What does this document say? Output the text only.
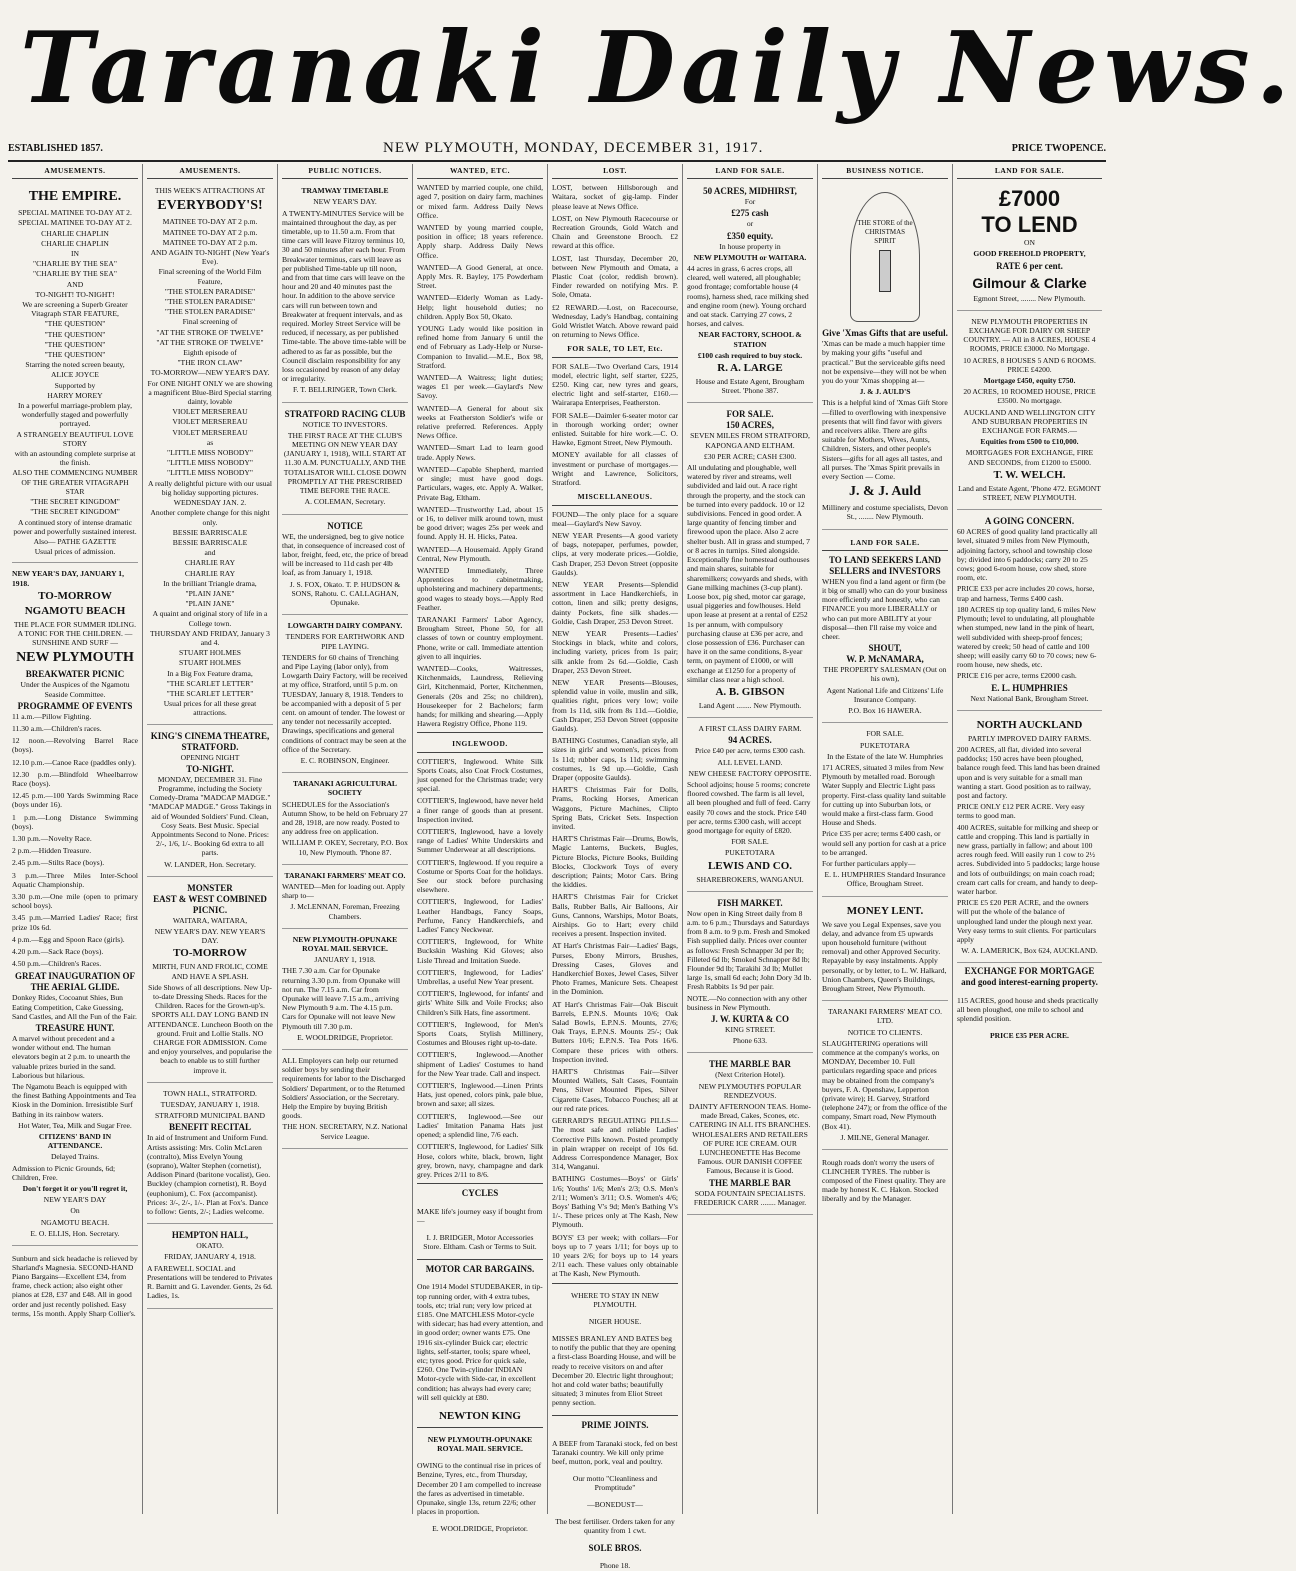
Taranaki Daily News.
ESTABLISHED 1857.	NEW PLYMOUTH, MONDAY, DECEMBER 31, 1917.	PRICE TWOPENCE.
AMUSEMENTS.
THE EMPIRE.
SPECIAL MATINEE TO-DAY AT 2.
SPECIAL MATINEE TO-DAY AT 2.
CHARLIE CHAPLIN
CHARLIE CHAPLIN
IN
"CHARLIE BY THE SEA"
"CHARLIE BY THE SEA"
AND
TO-NIGHT! TO-NIGHT!
We are screening a Superb Greater Vitagraph STAR FEATURE,
"THE QUESTION"
"THE QUESTION"
"THE QUESTION"
"THE QUESTION"
Starring the noted screen beauty,
ALICE JOYCE
Supported by
HARRY MOREY
In a powerful marriage-problem play, wonderfully staged and powerfully portrayed.
A STRANGELY BEAUTIFUL LOVE STORY
with an astounding complete surprise at the finish.
ALSO THE COMMENCING NUMBER OF THE GREATER VITAGRAPH STAR
"THE SECRET KINGDOM"
"THE SECRET KINGDOM"
A continued story of intense dramatic power and powerfully sustained interest.
Also— PATHE GAZETTE
Usual prices of admission.
NEW YEAR'S DAY, JANUARY 1, 1918.
TO-MORROW
NGAMOTU BEACH

THE PLACE FOR SUMMER IDLING. A TONIC FOR THE CHILDREN. — SUNSHINE AND SURF —

NEW PLYMOUTH
BREAKWATER PICNIC

Under the Auspices of the Ngamotu Seaside Committee.

PROGRAMME OF EVENTS
11 a.m.—Pillow Fighting.
11.30 a.m.—Children's races.
12 noon.—Revolving Barrel Race (boys).
12.10 p.m.—Canoe Race (paddles only).
12.30 p.m.—Blindfold Wheelbarrow Race (boys).
12.45 p.m.—100 Yards Swimming Race (boys under 16).
1 p.m.—Long Distance Swimming (boys).
1.30 p.m.—Novelty Race.
2 p.m.—Hidden Treasure.
2.45 p.m.—Stilts Race (boys).
3 p.m.—Three Miles Inter-School Aquatic Championship.
3.30 p.m.—One mile (open to primary school boys).
3.45 p.m.—Married Ladies' Race; first prize 10s 6d.
4 p.m.—Egg and Spoon Race (girls).
4.20 p.m.—Sack Race (boys).
4.50 p.m.—Children's Races.
GREAT INAUGURATION OF THE AERIAL GLIDE.

Donkey Rides, Cocoanut Shies, Bun Eating Competition, Cake Guessing, Sand Castles, and All the Fun of the Fair.

TREASURE HUNT.

A marvel without precedent and a wonder without end. The human elevators begin at 2 p.m. to unearth the valuable prizes buried in the sand. Laborious but hilarious.

The Ngamotu Beach is equipped with the finest Bathing Appointments and Tea Kiosk in the Dominion. Irresistible Surf Bathing in its rainbow waters.

Hot Water, Tea, Milk and Sugar Free.

CITIZENS' BAND IN ATTENDANCE.

Delayed Trains.

Admission to Picnic Grounds, 6d; Children, Free.

Don't forget it or you'll regret it,

NEW YEAR'S DAY

On

NGAMOTU BEACH.

E. O. ELLIS, Hon. Secretary.

Sunburn and sick headache is relieved by Sharland's Magnesia. SECOND-HAND Piano Bargains—Excellent £34, from frame, check action; also eight other pianos at £28, £37 and £48. All in good order and just recently polished. Easy terms, 15s month. Apply Sharp Collier's.

AMUSEMENTS.

THIS WEEK'S ATTRACTIONS AT

EVERYBODY'S!
MATINEE TO-DAY AT 2 p.m.
MATINEE TO-DAY AT 2 p.m.
MATINEE TO-DAY AT 2 p.m.
AND AGAIN TO-NIGHT (New Year's Eve).
Final screening of the World Film Feature,
"THE STOLEN PARADISE"
"THE STOLEN PARADISE"
"THE STOLEN PARADISE"
Final screening of
"AT THE STROKE OF TWELVE"
"AT THE STROKE OF TWELVE"
Eighth episode of
"THE IRON CLAW"
TO-MORROW—NEW YEAR'S DAY.
For ONE NIGHT ONLY we are showing a magnificent Blue-Bird Special starring dainty, lovable
VIOLET MERSEREAU
VIOLET MERSEREAU
VIOLET MERSEREAU
as
"LITTLE MISS NOBODY"
"LITTLE MISS NOBODY"
"LITTLE MISS NOBODY"
A really delightful picture with our usual big holiday supporting pictures.
WEDNESDAY JAN. 2.
Another complete change for this night only.
BESSIE BARRISCALE
BESSIE BARRISCALE
and
CHARLIE RAY
CHARLIE RAY
In the brilliant Triangle drama,
"PLAIN JANE"
"PLAIN JANE"
A quaint and original story of life in a College town.
THURSDAY AND FRIDAY, January 3 and 4.
STUART HOLMES
STUART HOLMES
In a Big Fox Feature drama,
"THE SCARLET LETTER"
"THE SCARLET LETTER"
Usual prices for all these great attractions.
KING'S CINEMA THEATRE, STRATFORD.

OPENING NIGHT

TO-NIGHT.

MONDAY, DECEMBER 31. Fine Programme, including the Society Comedy-Drama "MADCAP MADGE." "MADCAP MADGE." Gross Takings in aid of Wounded Soldiers' Fund. Clean, Cosy Seats. Best Music. Special Appointments Second to None. Prices: 2/-, 1/6, 1/-. Booking 6d extra to all parts.

W. LANDER, Hon. Secretary.

MONSTER
EAST & WEST COMBINED
PICNIC.

WAITARA, WAITARA,

NEW YEAR'S DAY. NEW YEAR'S DAY.

TO-MORROW

MIRTH, FUN AND FROLIC, COME AND HAVE A SPLASH.

Side Shows of all descriptions. New Up-to-date Dressing Sheds. Races for the Children. Races for the Grown-up's. SPORTS ALL DAY LONG BAND IN ATTENDANCE. Luncheon Booth on the ground. Fruit and Lollie Stalls. NO CHARGE FOR ADMISSION. Come and enjoy yourselves, and popularise the beach to enable us to still further improve it.

TOWN HALL, STRATFORD.

TUESDAY, JANUARY 1, 1918.

STRATFORD MUNICIPAL BAND

BENEFIT RECITAL

In aid of Instrument and Uniform Fund. Artists assisting: Mrs. Colin McLaren (contralto), Miss Evelyn Young (soprano), Walter Stephen (cornetist), Addison Pinard (baritone vocalist), Geo. Buckley (champion cornetist), R. Boyd (euphonium), C. Fox (accompanist). Prices: 3/-, 2/-, 1/-. Plan at Fox's. Dance to follow: Gents, 2/-; Ladies welcome.

HEMPTON HALL,

OKATO.

FRIDAY, JANUARY 4, 1918.

A FAREWELL SOCIAL and Presentations will be tendered to Privates R. Barnitt and G. Lavender. Gents, 2s 6d. Ladies, 1s.

PUBLIC NOTICES.

TRAMWAY TIMETABLE

NEW YEAR'S DAY.

A TWENTY-MINUTES Service will be maintained throughout the day, as per timetable, up to 11.50 a.m. From that time cars will leave Fitzroy terminus 10, 30 and 50 minutes after each hour. From Breakwater terminus, cars will leave as per published Time-table up till noon, and from that time cars will leave on the hour and 20 and 40 minutes past the hour. In addition to the above service cars will run between town and Breakwater at frequent intervals, and as required. Morley Street Service will be reduced, if necessary, as per published Time-table. The above time-table will be adhered to as far as possible, but the Council disclaim responsibility for any loss occasioned by reason of any delay or irregularity.

F. T. BELLRINGER, Town Clerk.

STRATFORD RACING CLUB

NOTICE TO INVESTORS.

THE FIRST RACE AT THE CLUB'S MEETING ON NEW YEAR DAY (JANUARY 1, 1918), WILL START AT 11.30 A.M. PUNCTUALLY, AND THE TOTALISATOR WILL CLOSE DOWN PROMPTLY AT THE PRESCRIBED TIME BEFORE THE RACE.

A. COLEMAN, Secretary.

NOTICE

WE, the undersigned, beg to give notice that, in consequence of increased cost of labor, freight, feed, etc, the price of bread will be increased to 11d cash per 4lb loaf, as from January 1, 1918.

J. S. FOX, Okato. T. P. HUDSON & SONS, Rahotu. C. CALLAGHAN, Opunake.

LOWGARTH DAIRY COMPANY.

TENDERS FOR EARTHWORK AND PIPE LAYING.

TENDERS for 60 chains of Trenching and Pipe Laying (labor only), from Lowgarth Dairy Factory, will be received at my office, Stratford, until 5 p.m. on TUESDAY, January 8, 1918. Tenders to be accompanied with a deposit of 5 per cent. on amount of tender. The lowest or any tender not necessarily accepted. Drawings, specifications and general conditions of contract may be seen at the office of the Secretary.

E. C. ROBINSON, Engineer.

TARANAKI AGRICULTURAL SOCIETY

SCHEDULES for the Association's Autumn Show, to be held on February 27 and 28, 1918, are now ready. Posted to any address free on application.

WILLIAM P. OKEY, Secretary, P.O. Box 10, New Plymouth. 'Phone 87.

TARANAKI FARMERS' MEAT CO.

WANTED—Men for loading out. Apply sharp to—

J. McLENNAN, Foreman, Freezing Chambers.

NEW PLYMOUTH-OPUNAKE ROYAL MAIL SERVICE.

JANUARY 1, 1918.

THE 7.30 a.m. Car for Opunake returning 3.30 p.m. from Opunake will not run. The 7.15 a.m. Car from Opunake will leave 7.15 a.m., arriving New Plymouth 9 a.m. The 4.15 p.m. Cars for Opunake will not leave New Plymouth till 7.30 p.m.

E. WOOLDRIDGE, Proprietor.

ALL Employers can help our returned soldier boys by sending their requirements for labor to the Discharged Soldiers' Department, or to the Returned Soldiers' Association, or the Secretary. Help the Empire by buying British goods.

THE HON. SECRETARY, N.Z. National Service League.

WANTED, ETC.
WANTED by married couple, one child, aged 7, position on dairy farm, machines or mixed farm. Address Daily News Office.
WANTED by young married couple, position in office; 18 years reference. Apply sharp. Address Daily News Office.
WANTED—A Good General, at once. Apply Mrs. R. Bayley, 175 Powderham Street.
WANTED—Elderly Woman as Lady-Help; light household duties; no children. Apply Box 50, Okato.
YOUNG Lady would like position in refined home from January 6 until the end of February as Lady-Help or Nurse-Companion to Invalid.—M.E., Box 98, Stratford.
WANTED—A Waitress; light duties; wages £1 per week.—Gaylard's New Savoy.
WANTED—A General for about six weeks at Featherston Soldier's wife or relative preferred. References. Apply News Office.
WANTED—Smart Lad to learn good trade. Apply News.
WANTED—Capable Shepherd, married or single; must have good dogs. Particulars, wages, etc. Apply A. Walker, Private Bag, Eltham.
WANTED—Trustworthy Lad, about 15 or 16, to deliver milk around town, must be good driver; wages 25s per week and found. Apply H. H. Hicks, Patea.
WANTED—A Housemaid. Apply Grand Central, New Plymouth.
WANTED Immediately, Three Apprentices to cabinetmaking, upholstering and machinery departments; good wages to steady boys.—Apply Red Feather.
TARANAKI Farmers' Labor Agency, Brougham Street, Phone 50, for all classes of town or country employment. Phone, write or call. Immediate attention given to all inquiries.
WANTED—Cooks, Waitresses, Kitchenmaids, Laundress, Relieving Girl, Kitchenmaid, Porter, Kitchenmen, Generals (20s and 25s; no children), Housekeeper for 2 Bachelors; farm hands; for milking and shearing.—Apply Hawera Registry Office, Phone 119.
INGLEWOOD.
COTTIER'S, Inglewood. White Silk Sports Coats, also Coat Frock Costumes, just opened for the Christmas trade; very special.
COTTIER'S, Inglewood, have never held a finer range of goods than at present. Inspection invited.
COTTIER'S, Inglewood, have a lovely range of Ladies' White Underskirts and Summer Underwear at all descriptions.
COTTIER'S, Inglewood. If you require a Costume or Sports Coat for the holidays. See our stock before purchasing elsewhere.
COTTIER'S, Inglewood, for Ladies' Leather Handbags, Fancy Soaps, Perfume, Fancy Handkerchiefs, and Ladies' Fancy Neckwear.
COTTIER'S, Inglewood, for White Buckskin Washing Kid Gloves; also Lisle Thread and Imitation Suede.
COTTIER'S, Inglewood, for Ladies' Umbrellas, a useful New Year present.
COTTIER'S, Inglewood, for infants' and girls' White Silk and Voile Frocks; also Children's Silk Hats, fine assortment.
COTTIER'S, Inglewood, for Men's Sports Coats, Stylish Millinery, Costumes and Blouses right up-to-date.
COTTIER'S, Inglewood.—Another shipment of Ladies' Costumes to hand for the New Year trade. Call and inspect.
COTTIER'S, Inglewood.—Linen Prints Hats, just opened, colors pink, pale blue, brown and saxe; all sizes.
COTTIER'S, Inglewood.—See our Ladies' Imitation Panama Hats just opened; a splendid line, 7/6 each.
COTTIER'S, Inglewood, for Ladies' Silk Hose, colors white, black, brown, light grey, brown, navy, champagne and dark grey. Prices 2/11 to 8/6.
CYCLES

MAKE life's journey easy if bought from—

I. J. BRIDGER, Motor Accessories Store. Eltham. Cash or Terms to Suit.

MOTOR CAR BARGAINS.

One 1914 Model STUDEBAKER, in tip-top running order, with 4 extra tubes, tools, etc; trial run; very low priced at £185. One MATCHLESS Motor-cycle with sidecar; has had every attention, and in good order; owner wants £75. One 1916 six-cylinder Buick car; electric lights, self-starter, tools; spare wheel, etc; tyres good. Price for quick sale, £260. One Twin-cylinder INDIAN Motor-cycle with Side-car, in excellent condition; has always had every care; will sell quickly at £80.

NEWTON KING

NEW PLYMOUTH-OPUNAKE ROYAL MAIL SERVICE.

OWING to the continual rise in prices of Benzine, Tyres, etc., from Thursday, December 20 I am compelled to increase the fares as advertised in timetable. Opunake, single 13s, return 22/6; other places in proportion.

E. WOOLDRIDGE, Proprietor.

LOST.
LOST, between Hillsborough and Waitara, socket of gig-lamp. Finder please leave at News Office.
LOST, on New Plymouth Racecourse or Recreation Grounds, Gold Watch and Chain and Greenstone Brooch. £2 reward at this office.
LOST, last Thursday, December 20, between New Plymouth and Omata, a Plastic Coat (color, reddish brown). Finder rewarded on notifying Mrs. P. Sole, Omata.
£2 REWARD.—Lost, on Racecourse, Wednesday, Lady's Handbag, containing Gold Wristlet Watch. Above reward paid on returning to News Office.
FOR SALE, TO LET, Etc.
FOR SALE—Two Overland Cars, 1914 model, electric light, self starter, £225, £250. King car, new tyres and gears, electric light and self-starter, £160.—Wairarapa Enterprises, Featherston.
FOR SALE—Daimler 6-seater motor car in thorough working order; owner enlisted. Suitable for hire work.—C. O. Hawke, Egmont Street, New Plymouth.
MONEY available for all classes of investment or purchase of mortgages.—Wright and Lawrence, Solicitors, Stratford.
MISCELLANEOUS.
FOUND—The only place for a square meal—Gaylard's New Savoy.
NEW YEAR Presents—A good variety of bags, notepaper, perfumes, powder, clips, at very moderate prices.—Goldie, Cash Draper, 253 Devon Street (opposite Gaulds).
NEW YEAR Presents—Splendid assortment in Lace Handkerchiefs, in cotton, linen and silk; pretty designs, dainty Pockets, fine silk shades.—Goldie, Cash Draper, 253 Devon Street.
NEW YEAR Presents—Ladies' Stockings in black, white and colors, including variety, prices from 1s pair; silk ankle from 2s 6d.—Goldie, Cash Draper, 253 Devon Street.
NEW YEAR Presents—Blouses, splendid value in voile, muslin and silk, qualities right, prices very low; voile from 1s 11d, silk from 8s 11d.—Goldie, Cash Draper, 253 Devon Street (opposite Gaulds).
BATHING Costumes, Canadian style, all sizes in girls' and women's, prices from 1s 11d; rubber caps, 1s 11d; swimming costumes, 1s 9d up.—Goldie, Cash Draper (opposite Gaulds).
HART'S Christmas Fair for Dolls, Prams, Rocking Horses, American Waggons, Picture Machines, Clipto Spring Bats, Cricket Sets. Inspection invited.
HART'S Christmas Fair—Drums, Bowls, Magic Lanterns, Buckets, Bugles, Picture Blocks, Picture Books, Building Blocks, Clockwork Toys of every description; Paints; Motor Cars. Bring the kiddies.
HART'S Christmas Fair for Cricket Balls, Rubber Balls, Air Balloons, Air Guns, Cannons, Warships, Motor Boats, Airships. Go to Hart; every child receives a present. Inspection invited.
AT Hart's Christmas Fair—Ladies' Bags, Purses, Ebony Mirrors, Brushes, Dressing Cases, Gloves and Handkerchief Boxes, Jewel Cases, Silver Photo Frames, Manicure Sets. Cheapest in the Dominion.
AT Hart's Christmas Fair—Oak Biscuit Barrels, E.P.N.S. Mounts 10/6; Oak Salad Bowls, E.P.N.S. Mounts, 27/6; Oak Trays, E.P.N.S. Mounts 25/-; Oak Butters 10/6; E.P.N.S. Tea Pots 16/6. Compare these prices with others. Inspection invited.
HART'S Christmas Fair—Silver Mounted Wallets, Salt Cases, Fountain Pens, Silver Mounted Pipes, Silver Cigarette Cases, Tobacco Pouches; all at our red rate prices.
GERRARD'S REGULATING PILLS—The most safe and reliable Ladies' Corrective Pills known. Posted promptly in plain wrapper on receipt of 10s 6d. Address Correspondence Manager, Box 314, Wanganui.
BATHING Costumes—Boys' or Girls' 1/6; Youths' 1/6; Men's 2/3; O.S. Men's 2/11; Women's 3/11; O.S. Women's 4/6; Boys' Bathing V's 9d; Men's Bathing V's 1/-. These prices only at The Kash, New Plymouth.
BOYS' £3 per week; with collars—For boys up to 7 years 1/11; for boys up to 10 years 2/6; for boys up to 14 years 2/11 each. These values only obtainable at The Kash, New Plymouth.

WHERE TO STAY IN NEW PLYMOUTH.

NIGER HOUSE.

MISSES BRANLEY AND BATES beg to notify the public that they are opening a first-class Boarding House, and will be ready to receive visitors on and after December 20. Electric light throughout; hot and cold water baths; beautifully situated; 3 minutes from Eliot Street penny section.

PRIME JOINTS.

A BEEF from Taranaki stock, fed on best Taranaki country. We kill only prime beef, mutton, pork, veal and poultry.

Our motto "Cleanliness and Promptitude"

—BONEDUST—

The best fertiliser. Orders taken for any quantity from 1 cwt.

SOLE BROS.

Phone 18.

LAND FOR SALE.
50 ACRES, MIDHIRST,

For

£275 cash

or

£350 equity.

In house property in

NEW PLYMOUTH or WAITARA.

44 acres in grass, 6 acres crops, all cleared, well watered, all ploughable; good frontage; comfortable house (4 rooms), harness shed, race milking shed and engine room (new). Young orchard and oat stack. Carrying 27 cows, 2 horses, and calves.

NEAR FACTORY, SCHOOL & STATION

£100 cash required to buy stock.

R. A. LARGE

House and Estate Agent, Brougham Street. 'Phone 387.

FOR SALE.
150 ACRES,

SEVEN MILES FROM STRATFORD, KAPONGA AND ELTHAM.

£30 PER ACRE; CASH £300.

All undulating and ploughable, well watered by river and streams, well subdivided and laid out. A race right through the property, and the stock can be turned into every paddock. 10 or 12 subdivisions. Fenced in good order. A large quantity of fencing timber and firewood upon the place. Also 2 acre shelter bush. All in grass and stumped, 7 or 8 acres in turnips. Sited alongside. Exceptionally fine homestead outhouses and main shares, suitable for sharemilkers; cowyards and sheds, with Gane milking machines (3-cup plant). Loose box, pig shed, motor car garage, usual piggeries and fowlhouses. Held upon lease at present at a rental of £252 1s per annum, with compulsory purchasing clause at £36 per acre, and close possession of £36. Purchaser can have it on the same conditions, 8-year term, on payment of £1000, or will exchange at £1250 for a property of similar class near a high school.

A. B. GIBSON

Land Agent ........ New Plymouth.

A FIRST CLASS DAIRY FARM.

94 ACRES.

Price £40 per acre, terms £300 cash.

ALL LEVEL LAND.

NEW CHEESE FACTORY OPPOSITE.

School adjoins; house 5 rooms; concrete floored cowshed. The farm is all level, all been ploughed and full of feed. Carry easily 70 cows and the stock. Price £40 per acre, terms £300 cash, will accept good mortgage for equity of £820.

FOR SALE.

PUKETOTARA

LEWIS AND CO.

SHAREBROKERS, WANGANUI.

FISH MARKET.

Now open in King Street daily from 8 a.m. to 6 p.m.; Thursdays and Saturdays from 8 a.m. to 9 p.m. Fresh and Smoked Fish supplied daily. Prices over counter as follows: Fresh Schnapper 3d per lb; Filleted 6d lb; Smoked Schnapper 8d lb; Flounder 9d lb; Tarakihi 3d lb; Mullet large 1s, small 6d each; John Dory 3d lb. Fresh Rabbits 1s 9d per pair.

NOTE.—No connection with any other business in New Plymouth.

J. W. KURTA & CO

KING STREET.

Phone 633.

THE MARBLE BAR

(Next Criterion Hotel).

NEW PLYMOUTH'S POPULAR RENDEZVOUS.

DAINTY AFTERNOON TEAS. Home-made Bread, Cakes, Scones, etc. CATERING IN ALL ITS BRANCHES. WHOLESALERS AND RETAILERS OF PURE ICE CREAM. OUR LUNCHEONETTE Has Become Famous. OUR DANISH COFFEE Famous, Because it is Good.

THE MARBLE BAR

SODA FOUNTAIN SPECIALISTS. FREDERICK CARR ........ Manager.

BUSINESS NOTICE.
THE STORE of the CHRISTMAS SPIRIT
Give 'Xmas Gifts that are useful.

'Xmas can be made a much happier time by making your gifts "useful and practical." But the serviceable gifts need not be expensive—they will not be when you do your 'Xmas shopping at—

J. & J. AULD'S

This is a helpful kind of 'Xmas Gift Store—filled to overflowing with inexpensive presents that will find favor with givers and receivers alike. There are gifts suitable for Mothers, Wives, Aunts, Children, Sisters, and other people's Sisters—gifts for all ages all tastes, and all purses. The 'Xmas Spirit prevails in every Section — Come.

J. & J. Auld

Millinery and costume specialists, Devon St., ........ New Plymouth.

LAND FOR SALE.
TO LAND SEEKERS LAND SELLERS and INVESTORS

WHEN you find a land agent or firm (be it big or small) who can do your business more efficiently and honestly, who can FINANCE you more LIBERALLY or who can put more ABILITY at your disposal—then I'll raise my voice and cheer.

SHOUT,
W. P. McNAMARA,

THE PROPERTY SALESMAN (Out on his own),

Agent National Life and Citizens' Life Insurance Company.

P.O. Box 16 HAWERA.

FOR SALE.

PUKETOTARA

In the Estate of the late W. Humphries

171 ACRES, situated 3 miles from New Plymouth by metalled road. Borough Water Supply and Electric Light pass property. First-class quality land suitable for cutting up into Suburban lots, or would make a first-class farm. Good House and Sheds.

Price £35 per acre; terms £400 cash, or would sell any portion for cash at a price to be arranged.

For further particulars apply—

E. L. HUMPHRIES Standard Insurance Office, Brougham Street.

MONEY LENT.

We save you Legal Expenses, save you delay, and advance from £5 upwards upon household furniture (without removal) and other Approved Security. Repayable by easy instalments. Apply personally, or by letter, to L. W. Halkard, Union Chambers, Queen's Buildings, Brougham Street, New Plymouth.

TARANAKI FARMERS' MEAT CO. LTD.

NOTICE TO CLIENTS.

SLAUGHTERING operations will commence at the company's works, on MONDAY, December 10. Full particulars regarding space and prices may be obtained from the company's buyers, F. A. Openshaw, Lepperton (private wire); H. Garvey, Stratford (telephone 247); or from the office of the company, Smart road, New Plymouth (Box 41).

J. MILNE, General Manager.

Rough roads don't worry the users of CLINCHER TYRES. The rubber is composed of the Finest quality. They are made by honest K. C. Hakon. Stocked liberally and by the Manager.

LAND FOR SALE.
£7000
TO LEND

ON

GOOD FREEHOLD PROPERTY,

RATE 6 per cent.
Gilmour & Clarke

Egmont Street, ........ New Plymouth.

NEW PLYMOUTH PROPERTIES IN EXCHANGE FOR DAIRY OR SHEEP COUNTRY. — All in 8 ACRES, HOUSE 4 ROOMS, PRICE £3000. No Mortgage.

10 ACRES, 8 HOUSES 5 AND 6 ROOMS. PRICE £4200.

Mortgage £450, equity £750.

20 ACRES, 10 ROOMED HOUSE, PRICE £3500. No mortgage.

AUCKLAND AND WELLINGTON CITY AND SUBURBAN PROPERTIES IN EXCHANGE FOR FARMS.—

Equities from £500 to £10,000.

MORTGAGES FOR EXCHANGE, FIRE AND SECONDS, from £1200 to £5000.

T. W. WELCH.

Land and Estate Agent, 'Phone 472. EGMONT STREET, NEW PLYMOUTH.

A GOING CONCERN.

60 ACRES of good quality land practically all level, situated 9 miles from New Plymouth, adjoining factory, school and township close by; divided into 6 paddocks; carry 20 to 25 cows; good 6-room house, cow shed, store room, etc.

PRICE £33 per acre includes 20 cows, horse, trap and harness, Terms £400 cash.

180 ACRES tip top quality land, 6 miles New Plymouth; level to undulating, all ploughable when stumped, new land in the pink of heart, well subdivided with sheep-proof fences; watered by creek; 50 head of cattle and 100 sheep; will easily carry 60 to 70 cows; new 6-room house, new sheds, etc.

PRICE £16 per acre, terms £2000 cash.

E. L. HUMPHRIES

Next National Bank, Brougham Street.

NORTH AUCKLAND

PARTLY IMPROVED DAIRY FARMS.

200 ACRES, all flat, divided into several paddocks; 150 acres have been ploughed, balance rough feed. This land has been drained upon and is very suitable for a small man wanting a start. Good position as to railway, post and factory.

PRICE ONLY £12 PER ACRE. Very easy terms to good man.

400 ACRES, suitable for milking and sheep or cattle and cropping. This land is partially in new grass, partially in fallow; and about 100 acres rough feed. Will easily run 1 cow to 2½ acres. Subdivided into 5 paddocks; large house and lots of outbuildings; on main coach road; cream cart calls for cream, and handy to deep-water harbor.

PRICE £5 £20 PER ACRE, and the owners will put the whole of the balance of unploughed land under the plough next year. Very easy terms to suit clients. For particulars apply

W. A. LAMERICK, Box 624, AUCKLAND.

EXCHANGE FOR MORTGAGE and good interest-earning property.

115 ACRES, good house and sheds practically all been ploughed, one mile to school and splendid position.

PRICE £35 PER ACRE.
